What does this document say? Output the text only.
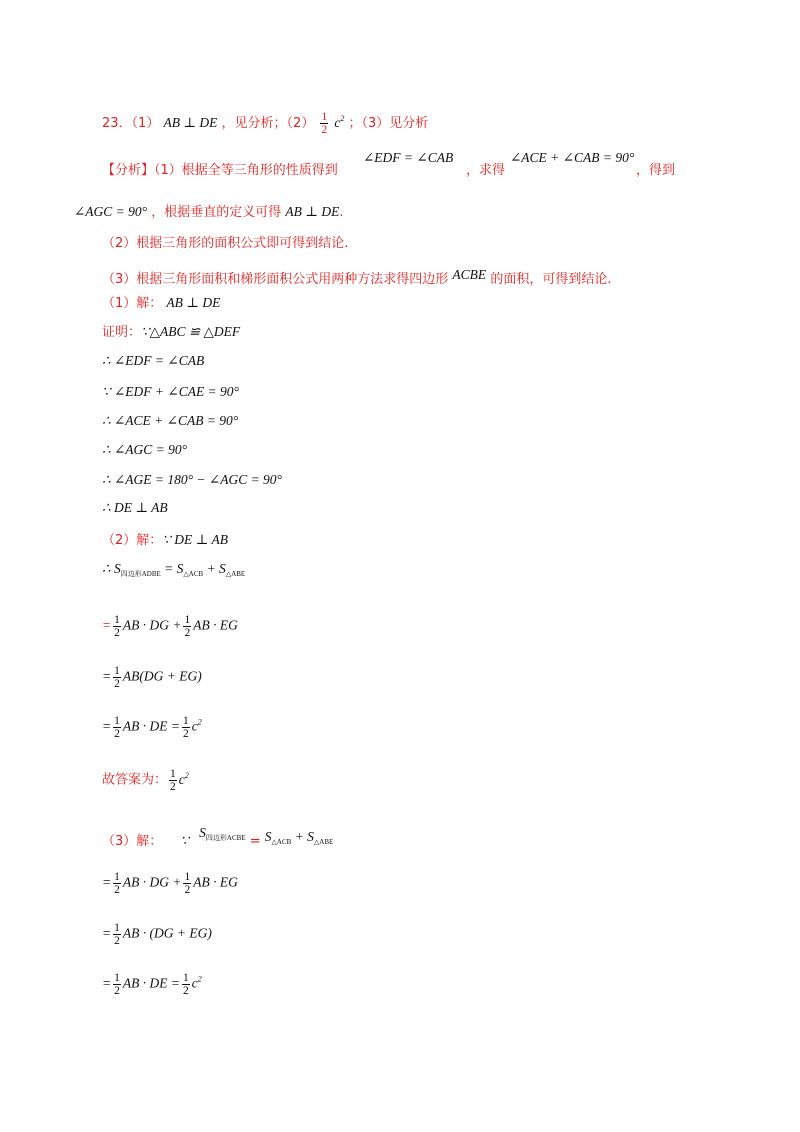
23．（1） AB ⊥ DE ，见分析；$(2) \frac{1}{2} c^2$ ；（3）见分析
【分析】（1）根据全等三角形的性质得到
∠EDF = ∠CAB
，求得
∠ACE + ∠CAB = 90°
，得到
∠AGC = 90° ，根据垂直的定义可得 AB ⊥ DE.
（2）根据三角形的面积公式即可得到结论.
（3）根据三角形面积和梯形面积公式用两种方法求得四边形 ACBE 的面积，可得到结论.
（1）解： AB ⊥ DE
证明：∵△ABC ≌ △DEF
∴ ∠EDF = ∠CAB
∵ ∠EDF + ∠CAE = 90°
∴ ∠ACE + ∠CAB = 90°
∴ ∠AGC = 90°
∴ ∠AGE = 180° − ∠AGC = 90°
∴ DE ⊥ AB
（2）解：∵ DE ⊥ AB
∴ $S_{四边形ADBE} = S_{\triangle ACB} + S_{\triangle ABE}$
= $\frac{1}{2}$ AB · DG + $\frac{1}{2}$ AB · EG
= $\frac{1}{2} AB(DG + EG)$
= $\frac{1}{2}$ AB · DE = $\frac{1}{2} c^2$
故答案为： $\frac{1}{2} c^2$
（3）解： ∵ $S_{四边形ACBE} = S_{\triangle ACB} + S_{\triangle ABE}$
= $\frac{1}{2}$ AB · DG + $\frac{1}{2}$ AB · EG
= $\frac{1}{2}$ AB · (DG + EG)
= $\frac{1}{2}$ AB · DE = $\frac{1}{2} c^2$
